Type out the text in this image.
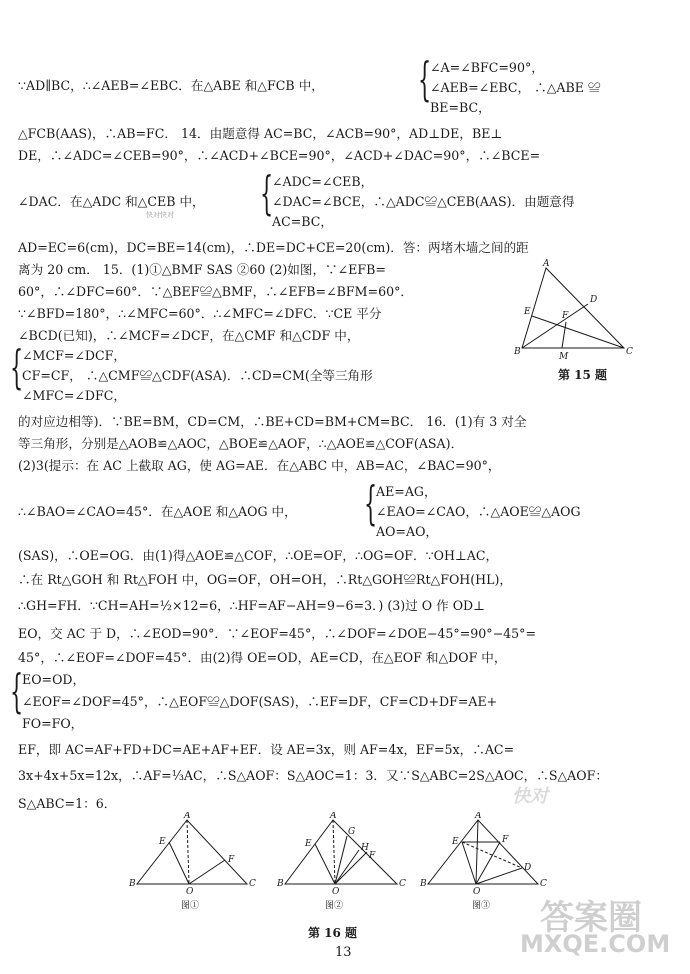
∵AD∥BC，∴∠AEB=∠EBC．在△ABE 和△FCB 中， {
∠A=∠BFC=90°，
∠AEB=∠EBC， ∴△ABE ≌
BE=BC，
△FCB(AAS)，∴AB=FC． 14．由题意得 AC=BC，∠ACB=90°，AD⊥DE，BE⊥
DE，∴∠ADC=∠CEB=90°，∴∠ACD+∠BCE=90°，∠ACD+∠DAC=90°，∴∠BCE=
∠DAC．在△ADC 和△CEB 中， {
∠ADC=∠CEB，
∠DAC=∠BCE，∴△ADC≌△CEB(AAS)．由题意得
AC=BC，
AD=EC=6(cm)，DC=BE=14(cm)，∴DE=DC+CE=20(cm)．答：两堵木墙之间的距
离为 20 cm． 15．(1)①△BMF SAS ②60 (2)如图，∵∠EFB=
60°，∴∠DFC=60°．∵△BEF≌△BMF，∴∠EFB=∠BFM=60°．
∵∠BFD=180°，∴∠MFC=60°．∴∠MFC=∠DFC．∵CE 平分
∠BCD(已知)，∴∠MCF=∠DCF，在△CMF 和△CDF 中，
{
∠MCF=∠DCF，
CF=CF， ∴△CMF≌△CDF(ASA)．∴CD=CM(全等三角形
∠MFC=∠DFC，
的对应边相等)．∵BE=BM，CD=CM，∴BE+CD=BM+CM=BC． 16．(1)有 3 对全
等三角形，分别是△AOB≌△AOC，△BOE≌△AOF，∴△AOE≌△COF(ASA)．
(2)3(提示：在 AC 上截取 AG，使 AG=AE．在△ABC 中，AB=AC，∠BAC=90°，
∴∠BAO=∠CAO=45°．在△AOE 和△AOG 中， {
AE=AG，
∠EAO=∠CAO，∴△AOE≌△AOG
AO=AO，
(SAS)，∴OE=OG．由(1)得△AOE≌△COF，∴OE=OF，∴OG=OF．∵OH⊥AC，
∴在 Rt△GOH 和 Rt△FOH 中，OG=OF，OH=OH，∴Rt△GOH≌Rt△FOH(HL)，
∴GH=FH．∵CH=AH=½×12=6，∴HF=AF−AH=9−6=3．) (3)过 O 作 OD⊥
EO，交 AC 于 D，∴∠EOD=90°．∵∠EOF=45°，∴∠DOF=∠DOE−45°=90°−45°=
45°，∴∠EOF=∠DOF=45°．由(2)得 OE=OD，AE=CD，在△EOF 和△DOF 中，
{
EO=OD，
∠EOF=∠DOF=45°，∴△EOF≌△DOF(SAS)，∴EF=DF，CF=CD+DF=AE+
FO=FO，
EF，即 AC=AF+FD+DC=AE+AF+EF．设 AE=3x，则 AF=4x，EF=5x，∴AC=
3x+4x+5x=12x，∴AF=⅓AC，∴S△AOF：S△AOC=1：3．又∵S△ABC=2S△AOC，∴S△AOF：
S△ABC=1：6．
A
D
E	F
B	M	C
第 15 题
A
E
F
B
O
C
图①
A
G
E	H
F
B
O
C
图②
A
E	F
D
B
O
C
图③
第 16 题
13
快对快对
快对
答案圈
MXQE.COM
